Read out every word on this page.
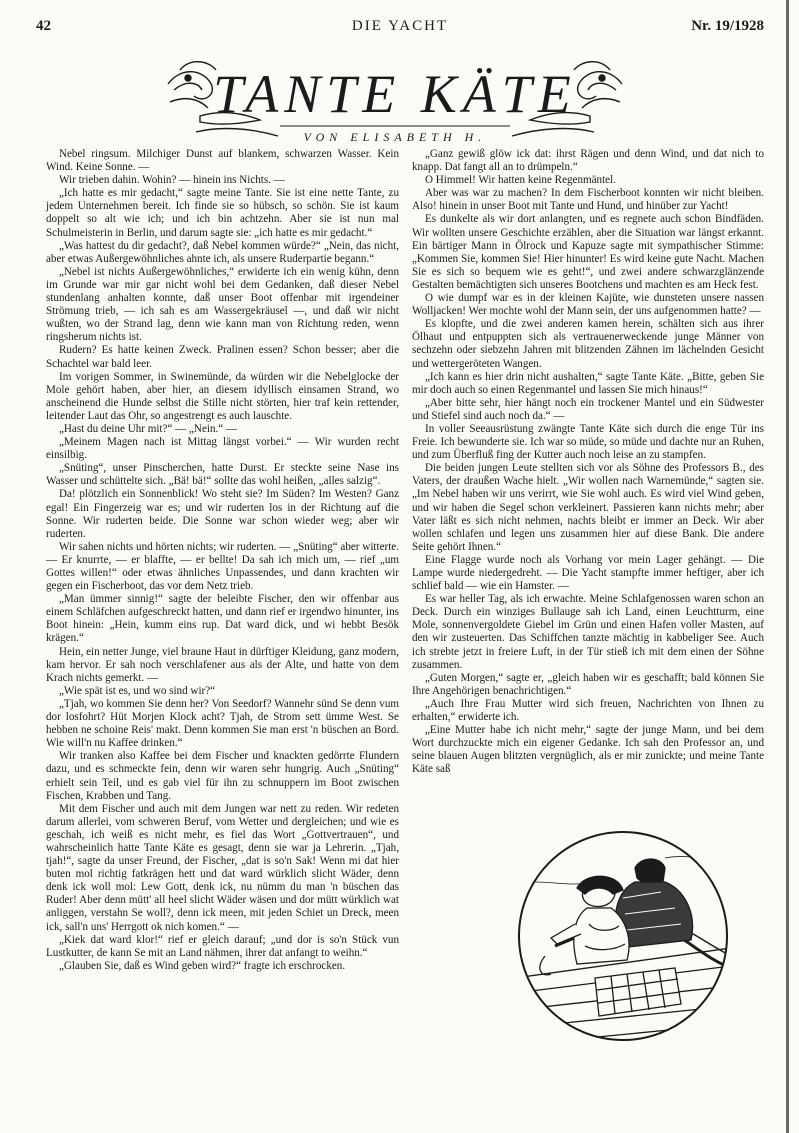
42	DIE YACHT	Nr. 19/1928
TANTE KÄTE
VON ELISABETH H.

Nebel ringsum. Milchiger Dunst auf blankem, schwarzen Wasser. Kein Wind. Keine Sonne. —

Wir trieben dahin. Wohin? — hinein ins Nichts. —

„Ich hatte es mir gedacht,“ sagte meine Tante. Sie ist eine nette Tante, zu jedem Unternehmen bereit. Ich finde sie so hübsch, so schön. Sie ist kaum doppelt so alt wie ich; und ich bin achtzehn. Aber sie ist nun mal Schulmeisterin in Berlin, und darum sagte sie: „ich hatte es mir gedacht.“

„Was hattest du dir gedacht?, daß Nebel kommen würde?“ „Nein, das nicht, aber etwas Außergewöhnliches ahnte ich, als unsere Ruderpartie begann.“

„Nebel ist nichts Außergewöhnliches,“ erwiderte ich ein wenig kühn, denn im Grunde war mir gar nicht wohl bei dem Gedanken, daß dieser Nebel stundenlang anhalten konnte, daß unser Boot offenbar mit irgendeiner Strömung trieb, — ich sah es am Wassergekräusel —, und daß wir nicht wußten, wo der Strand lag, denn wie kann man von Richtung reden, wenn ringsherum nichts ist.

Rudern? Es hatte keinen Zweck. Pralinen essen? Schon besser; aber die Schachtel war bald leer.

Im vorigen Sommer, in Swinemünde, da würden wir die Nebelglocke der Mole gehört haben, aber hier, an diesem idyllisch einsamen Strand, wo anscheinend die Hunde selbst die Stille nicht störten, hier traf kein rettender, leitender Laut das Ohr, so angestrengt es auch lauschte.

„Hast du deine Uhr mit?“ — „Nein.“ —

„Meinem Magen nach ist Mittag längst vorbei.“ — Wir wurden recht einsilbig.

„Snüting“, unser Pinscherchen, hatte Durst. Er steckte seine Nase ins Wasser und schüttelte sich. „Bä! bä!“ sollte das wohl heißen, „alles salzig“.

Da! plötzlich ein Sonnenblick! Wo steht sie? Im Süden? Im Westen? Ganz egal! Ein Fingerzeig war es; und wir ruderten los in der Richtung auf die Sonne. Wir ruderten beide. Die Sonne war schon wieder weg; aber wir ruderten.

Wir sahen nichts und hörten nichts; wir ruderten. — „Snüting“ aber witterte. — Er knurrte, — er blaffte, — er bellte! Da sah ich mich um, — rief „um Gottes willen!“ oder etwas ähnliches Unpassendes, und dann krachten wir gegen ein Fischerboot, das vor dem Netz trieb.

„Man ümmer sinnig!“ sagte der beleibte Fischer, den wir offenbar aus einem Schläfchen aufgeschreckt hatten, und dann rief er irgendwo hinunter, ins Boot hinein: „Hein, kumm eins rup. Dat ward dick, und wi hebbt Besök krägen.“

Hein, ein netter Junge, viel braune Haut in dürftiger Kleidung, ganz modern, kam hervor. Er sah noch verschlafener aus als der Alte, und hatte von dem Krach nichts gemerkt. —

„Wie spät ist es, und wo sind wir?“

„Tjah, wo kommen Sie denn her? Von Seedorf? Wannehr sünd Se denn vum dor losfohrt? Hüt Morjen Klock acht? Tjah, de Strom sett ümme West. Se hebben ne schoine Reis' makt. Denn kommen Sie man erst 'n büschen an Bord. Wie will'n nu Kaffee drinken.“

Wir tranken also Kaffee bei dem Fischer und knackten gedörrte Flundern dazu, und es schmeckte fein, denn wir waren sehr hungrig. Auch „Snüting“ erhielt sein Teil, und es gab viel für ihn zu schnuppern im Boot zwischen Fischen, Krabben und Tang.

Mit dem Fischer und auch mit dem Jungen war nett zu reden. Wir redeten darum allerlei, vom schweren Beruf, vom Wetter und dergleichen; und wie es geschah, ich weiß es nicht mehr, es fiel das Wort „Gottvertrauen“, und wahrscheinlich hatte Tante Käte es gesagt, denn sie war ja Lehrerin. „Tjah, tjah!“, sagte da unser Freund, der Fischer, „dat is so'n Sak! Wenn mi dat hier buten mol richtig fatkrägen hett und dat ward würklich slicht Wäder, denn denk ick woll mol: Lew Gott, denk ick, nu nümm du man 'n büschen das Ruder! Aber denn mütt' all heel slicht Wäder wäsen und dor mütt würklich wat anliggen, verstahn Se woll?, denn ick meen, mit jeden Schiet un Dreck, meen ick, sall'n uns' Herrgott ok nich komen.“ —

„Kiek dat ward klor!“ rief er gleich darauf; „und dor is so'n Stück vun Lustkutter, de kann Se mit an Land nähmen, ihrer dat anfangt to weihn.“

„Glauben Sie, daß es Wind geben wird?“ fragte ich erschrocken.

„Ganz gewiß glöw ick dat: ihrst Rägen und denn Wind, und dat nich to knapp. Dat fangt all an to drümpeln.“

O Himmel! Wir hatten keine Regenmäntel.

Aber was war zu machen? In dem Fischerboot konnten wir nicht bleiben. Also! hinein in unser Boot mit Tante und Hund, und hinüber zur Yacht!

Es dunkelte als wir dort anlangten, und es regnete auch schon Bindfäden. Wir wollten unsere Geschichte erzählen, aber die Situation war längst erkannt. Ein bärtiger Mann in Ölrock und Kapuze sagte mit sympathischer Stimme: „Kommen Sie, kommen Sie! Hier hinunter! Es wird keine gute Nacht. Machen Sie es sich so bequem wie es geht!“, und zwei andere schwarzglänzende Gestalten bemächtigten sich unseres Bootchens und machten es am Heck fest.

O wie dumpf war es in der kleinen Kajüte, wie dunsteten unsere nassen Wolljacken! Wer mochte wohl der Mann sein, der uns aufgenommen hatte? —

Es klopfte, und die zwei anderen kamen herein, schälten sich aus ihrer Ölhaut und entpuppten sich als vertrauenerweckende junge Männer von sechzehn oder siebzehn Jahren mit blitzenden Zähnen im lächelnden Gesicht und wettergeröteten Wangen.

„Ich kann es hier drin nicht aushalten,“ sagte Tante Käte. „Bitte, geben Sie mir doch auch so einen Regenmantel und lassen Sie mich hinaus!“

„Aber bitte sehr, hier hängt noch ein trockener Mantel und ein Südwester und Stiefel sind auch noch da.“ —

In voller Seeausrüstung zwängte Tante Käte sich durch die enge Tür ins Freie. Ich bewunderte sie. Ich war so müde, so müde und dachte nur an Ruhen, und zum Überfluß fing der Kutter auch noch leise an zu stampfen.

Die beiden jungen Leute stellten sich vor als Söhne des Professors B., des Vaters, der draußen Wache hielt. „Wir wollen nach Warnemünde,“ sagten sie. „Im Nebel haben wir uns verirrt, wie Sie wohl auch. Es wird viel Wind geben, und wir haben die Segel schon verkleinert. Passieren kann nichts mehr; aber Vater läßt es sich nicht nehmen, nachts bleibt er immer an Deck. Wir aber wollen schlafen und legen uns zusammen hier auf diese Bank. Die andere Seite gehört Ihnen.“

Eine Flagge wurde noch als Vorhang vor mein Lager gehängt. — Die Lampe wurde niedergedreht. — Die Yacht stampfte immer heftiger, aber ich schlief bald — wie ein Hamster. —

Es war heller Tag, als ich erwachte. Meine Schlafgenossen waren schon an Deck. Durch ein winziges Bullauge sah ich Land, einen Leuchtturm, eine Mole, sonnenvergoldete Giebel im Grün und einen Hafen voller Masten, auf den wir zusteuerten. Das Schiffchen tanzte mächtig in kabbeliger See. Auch ich strebte jetzt in freiere Luft, in der Tür stieß ich mit dem einen der Söhne zusammen.

„Guten Morgen,“ sagte er, „gleich haben wir es geschafft; bald können Sie Ihre Angehörigen benachrichtigen.“

„Auch Ihre Frau Mutter wird sich freuen, Nachrichten von Ihnen zu erhalten,“ erwiderte ich.

„Eine Mutter habe ich nicht mehr,“ sagte der junge Mann, und bei dem Wort durchzuckte mich ein eigener Gedanke. Ich sah den Professor an, und seine blauen Augen blitzten vergnüglich, als er mir zunickte; und meine Tante Käte saß
